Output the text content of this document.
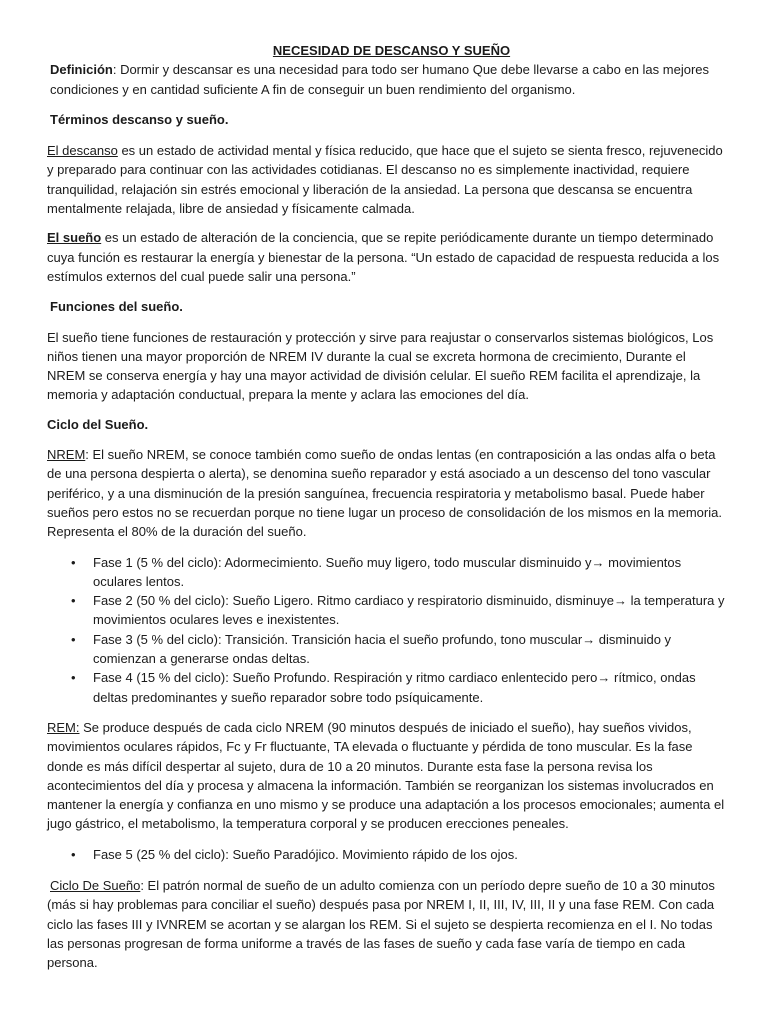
NECESIDAD DE DESCANSO Y SUEÑO

Definición: Dormir y descansar es una necesidad para todo ser humano Que debe llevarse a cabo en las mejores condiciones y en cantidad suficiente A fin de conseguir un buen rendimiento del organismo.

Términos descanso y sueño.

El descanso es un estado de actividad mental y física reducido, que hace que el sujeto se sienta fresco, rejuvenecido y preparado para continuar con las actividades cotidianas. El descanso no es simplemente inactividad, requiere tranquilidad, relajación sin estrés emocional y liberación de la ansiedad. La persona que descansa se encuentra mentalmente relajada, libre de ansiedad y físicamente calmada.

El sueño es un estado de alteración de la conciencia, que se repite periódicamente durante un tiempo determinado cuya función es restaurar la energía y bienestar de la persona. “Un estado de capacidad de respuesta reducida a los estímulos externos del cual puede salir una persona.”

Funciones del sueño.

El sueño tiene funciones de restauración y protección y sirve para reajustar o conservarlos sistemas biológicos, Los niños tienen una mayor proporción de NREM IV durante la cual se excreta hormona de crecimiento, Durante el NREM se conserva energía y hay una mayor actividad de división celular. El sueño REM facilita el aprendizaje, la memoria y adaptación conductual, prepara la mente y aclara las emociones del día.

Ciclo del Sueño.

NREM: El sueño NREM, se conoce también como sueño de ondas lentas (en contraposición a las ondas alfa o beta de una persona despierta o alerta), se denomina sueño reparador y está asociado a un descenso del tono vascular periférico, y a una disminución de la presión sanguínea, frecuencia respiratoria y metabolismo basal. Puede haber sueños pero estos no se recuerdan porque no tiene lugar un proceso de consolidación de los mismos en la memoria. Representa el 80% de la duración del sueño.

• Fase 1 (5 % del ciclo): Adormecimiento. Sueño muy ligero, todo muscular disminuido y→ movimientos oculares lentos.
• Fase 2 (50 % del ciclo): Sueño Ligero. Ritmo cardiaco y respiratorio disminuido, disminuye→ la temperatura y movimientos oculares leves e inexistentes.
• Fase 3 (5 % del ciclo): Transición. Transición hacia el sueño profundo, tono muscular→ disminuido y comienzan a generarse ondas deltas.
• Fase 4 (15 % del ciclo): Sueño Profundo. Respiración y ritmo cardiaco enlentecido pero→ rítmico, ondas deltas predominantes y sueño reparador sobre todo psíquicamente.

REM: Se produce después de cada ciclo NREM (90 minutos después de iniciado el sueño), hay sueños vividos, movimientos oculares rápidos, Fc y Fr fluctuante, TA elevada o fluctuante y pérdida de tono muscular. Es la fase donde es más difícil despertar al sujeto, dura de 10 a 20 minutos. Durante esta fase la persona revisa los acontecimientos del día y procesa y almacena la información. También se reorganizan los sistemas involucrados en mantener la energía y confianza en uno mismo y se produce una adaptación a los procesos emocionales; aumenta el jugo gástrico, el metabolismo, la temperatura corporal y se producen erecciones peneales.

• Fase 5 (25 % del ciclo): Sueño Paradójico. Movimiento rápido de los ojos.

Ciclo De Sueño: El patrón normal de sueño de un adulto comienza con un período depre sueño de 10 a 30 minutos (más si hay problemas para conciliar el sueño) después pasa por NREM I, II, III, IV, III, II y una fase REM. Con cada ciclo las fases III y IVNREM se acortan y se alargan los REM. Si el sujeto se despierta recomienza en el I. No todas las personas progresan de forma uniforme a través de las fases de sueño y cada fase varía de tiempo en cada persona.
